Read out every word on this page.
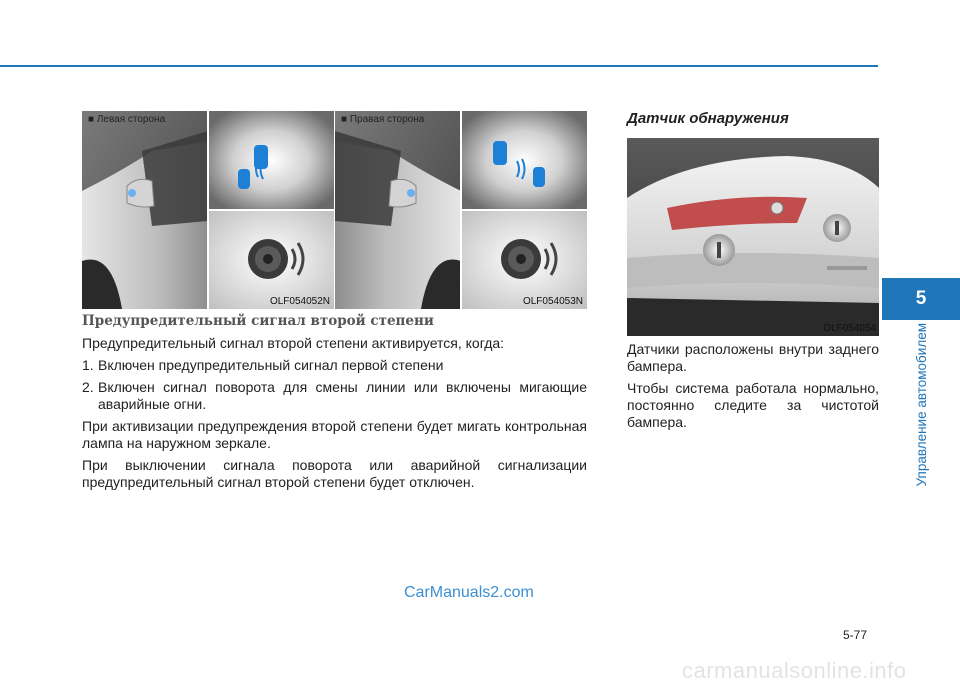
5
Управление автомобилем
■ Левая сторона
OLF054052N
■ Правая сторона
OLF054053N
Предупредительный сигнал второй степени

Предупредительный сигнал второй степени активируется, когда:

1. Включен предупредительный сигнал первой степени
2. Включен сигнал поворота для смены линии или включены мигающие аварийные огни.

При активизации предупреждения второй степени будет мигать контрольная лампа на наружном зеркале.

При выключении сигнала поворота или аварийной сигнализации предупредительный сигнал второй степени будет отключен.

Датчик обнаружения
OLF054054

Датчики расположены внутри заднего бампера.

Чтобы система работала нормально, постоянно следите за чистотой бампера.

CarManuals2.com
5-77
carmanualsonline.info
